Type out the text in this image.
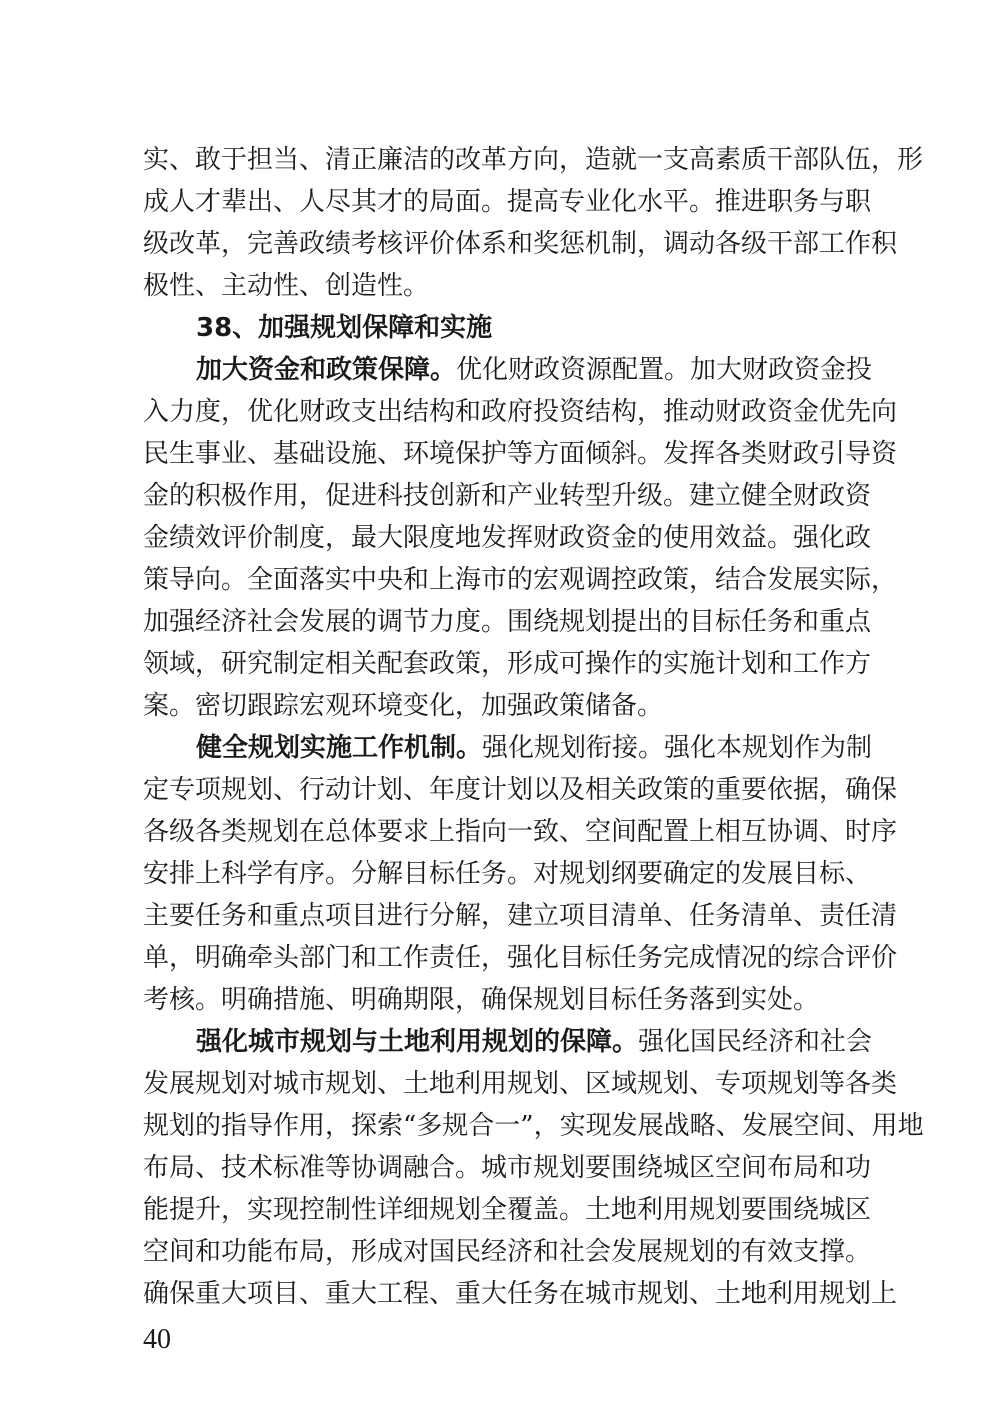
实、敢于担当、清正廉洁的改革方向，造就一支高素质干部队伍，形
成人才辈出、人尽其才的局面。提高专业化水平。推进职务与职
级改革，完善政绩考核评价体系和奖惩机制，调动各级干部工作积
极性、主动性、创造性。
38、加强规划保障和实施
加大资金和政策保障。优化财政资源配置。加大财政资金投
入力度，优化财政支出结构和政府投资结构，推动财政资金优先向
民生事业、基础设施、环境保护等方面倾斜。发挥各类财政引导资
金的积极作用，促进科技创新和产业转型升级。建立健全财政资
金绩效评价制度，最大限度地发挥财政资金的使用效益。强化政
策导向。全面落实中央和上海市的宏观调控政策，结合发展实际，
加强经济社会发展的调节力度。围绕规划提出的目标任务和重点
领域，研究制定相关配套政策，形成可操作的实施计划和工作方
案。密切跟踪宏观环境变化，加强政策储备。
健全规划实施工作机制。强化规划衔接。强化本规划作为制
定专项规划、行动计划、年度计划以及相关政策的重要依据，确保
各级各类规划在总体要求上指向一致、空间配置上相互协调、时序
安排上科学有序。分解目标任务。对规划纲要确定的发展目标、
主要任务和重点项目进行分解，建立项目清单、任务清单、责任清
单，明确牵头部门和工作责任，强化目标任务完成情况的综合评价
考核。明确措施、明确期限，确保规划目标任务落到实处。
强化城市规划与土地利用规划的保障。强化国民经济和社会
发展规划对城市规划、土地利用规划、区域规划、专项规划等各类
规划的指导作用，探索“多规合一”，实现发展战略、发展空间、用地
布局、技术标准等协调融合。城市规划要围绕城区空间布局和功
能提升，实现控制性详细规划全覆盖。土地利用规划要围绕城区
空间和功能布局，形成对国民经济和社会发展规划的有效支撑。
确保重大项目、重大工程、重大任务在城市规划、土地利用规划上
40
